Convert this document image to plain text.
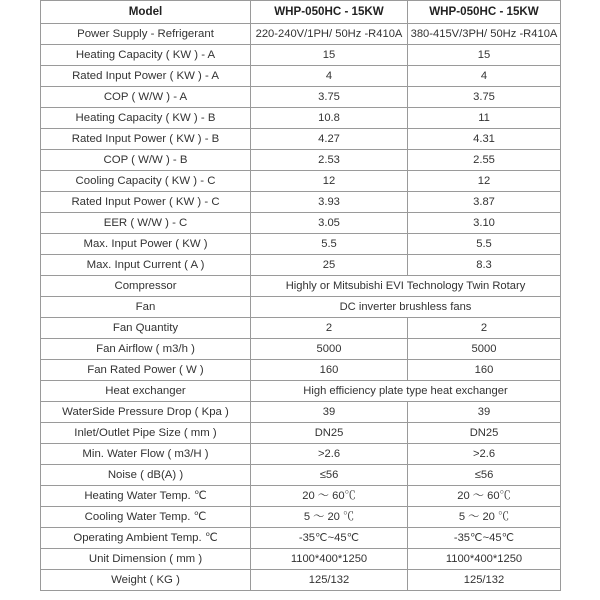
Model	WHP-050HC - 15KW	WHP-050HC - 15KW
Power Supply - Refrigerant	220-240V/1PH/ 50Hz -R410A	380-415V/3PH/ 50Hz -R410A
Heating Capacity ( KW ) - A	15	15
Rated Input Power ( KW ) - A	4	4
COP ( W/W ) - A	3.75	3.75
Heating Capacity ( KW ) - B	10.8	11
Rated Input Power ( KW ) - B	4.27	4.31
COP ( W/W ) - B	2.53	2.55
Cooling Capacity ( KW ) - C	12	12
Rated Input Power ( KW ) - C	3.93	3.87
EER ( W/W ) - C	3.05	3.10
Max. Input Power ( KW )	5.5	5.5
Max. Input Current ( A )	25	8.3
Compressor	Highly or Mitsubishi EVI Technology Twin Rotary	
Fan	DC inverter brushless fans	
Fan Quantity	2	2
Fan Airflow ( m3/h )	5000	5000
Fan Rated Power ( W )	160	160
Heat exchanger	High efficiency plate type heat exchanger	
WaterSide Pressure Drop ( Kpa )	39	39
Inlet/Outlet Pipe Size ( mm )	DN25	DN25
Min. Water Flow ( m3/H )	>2.6	>2.6
Noise ( dB(A) )	≤56	≤56
Heating Water Temp. ℃	20 ～ 60℃	20 ～ 60℃
Cooling Water Temp. ℃	5 ～ 20 ℃	5 ～ 20 ℃
Operating Ambient Temp. ℃	-35℃~45℃	-35℃~45℃
Unit Dimension ( mm )	1100*400*1250	1100*400*1250
Weight ( KG )	125/132	125/132
